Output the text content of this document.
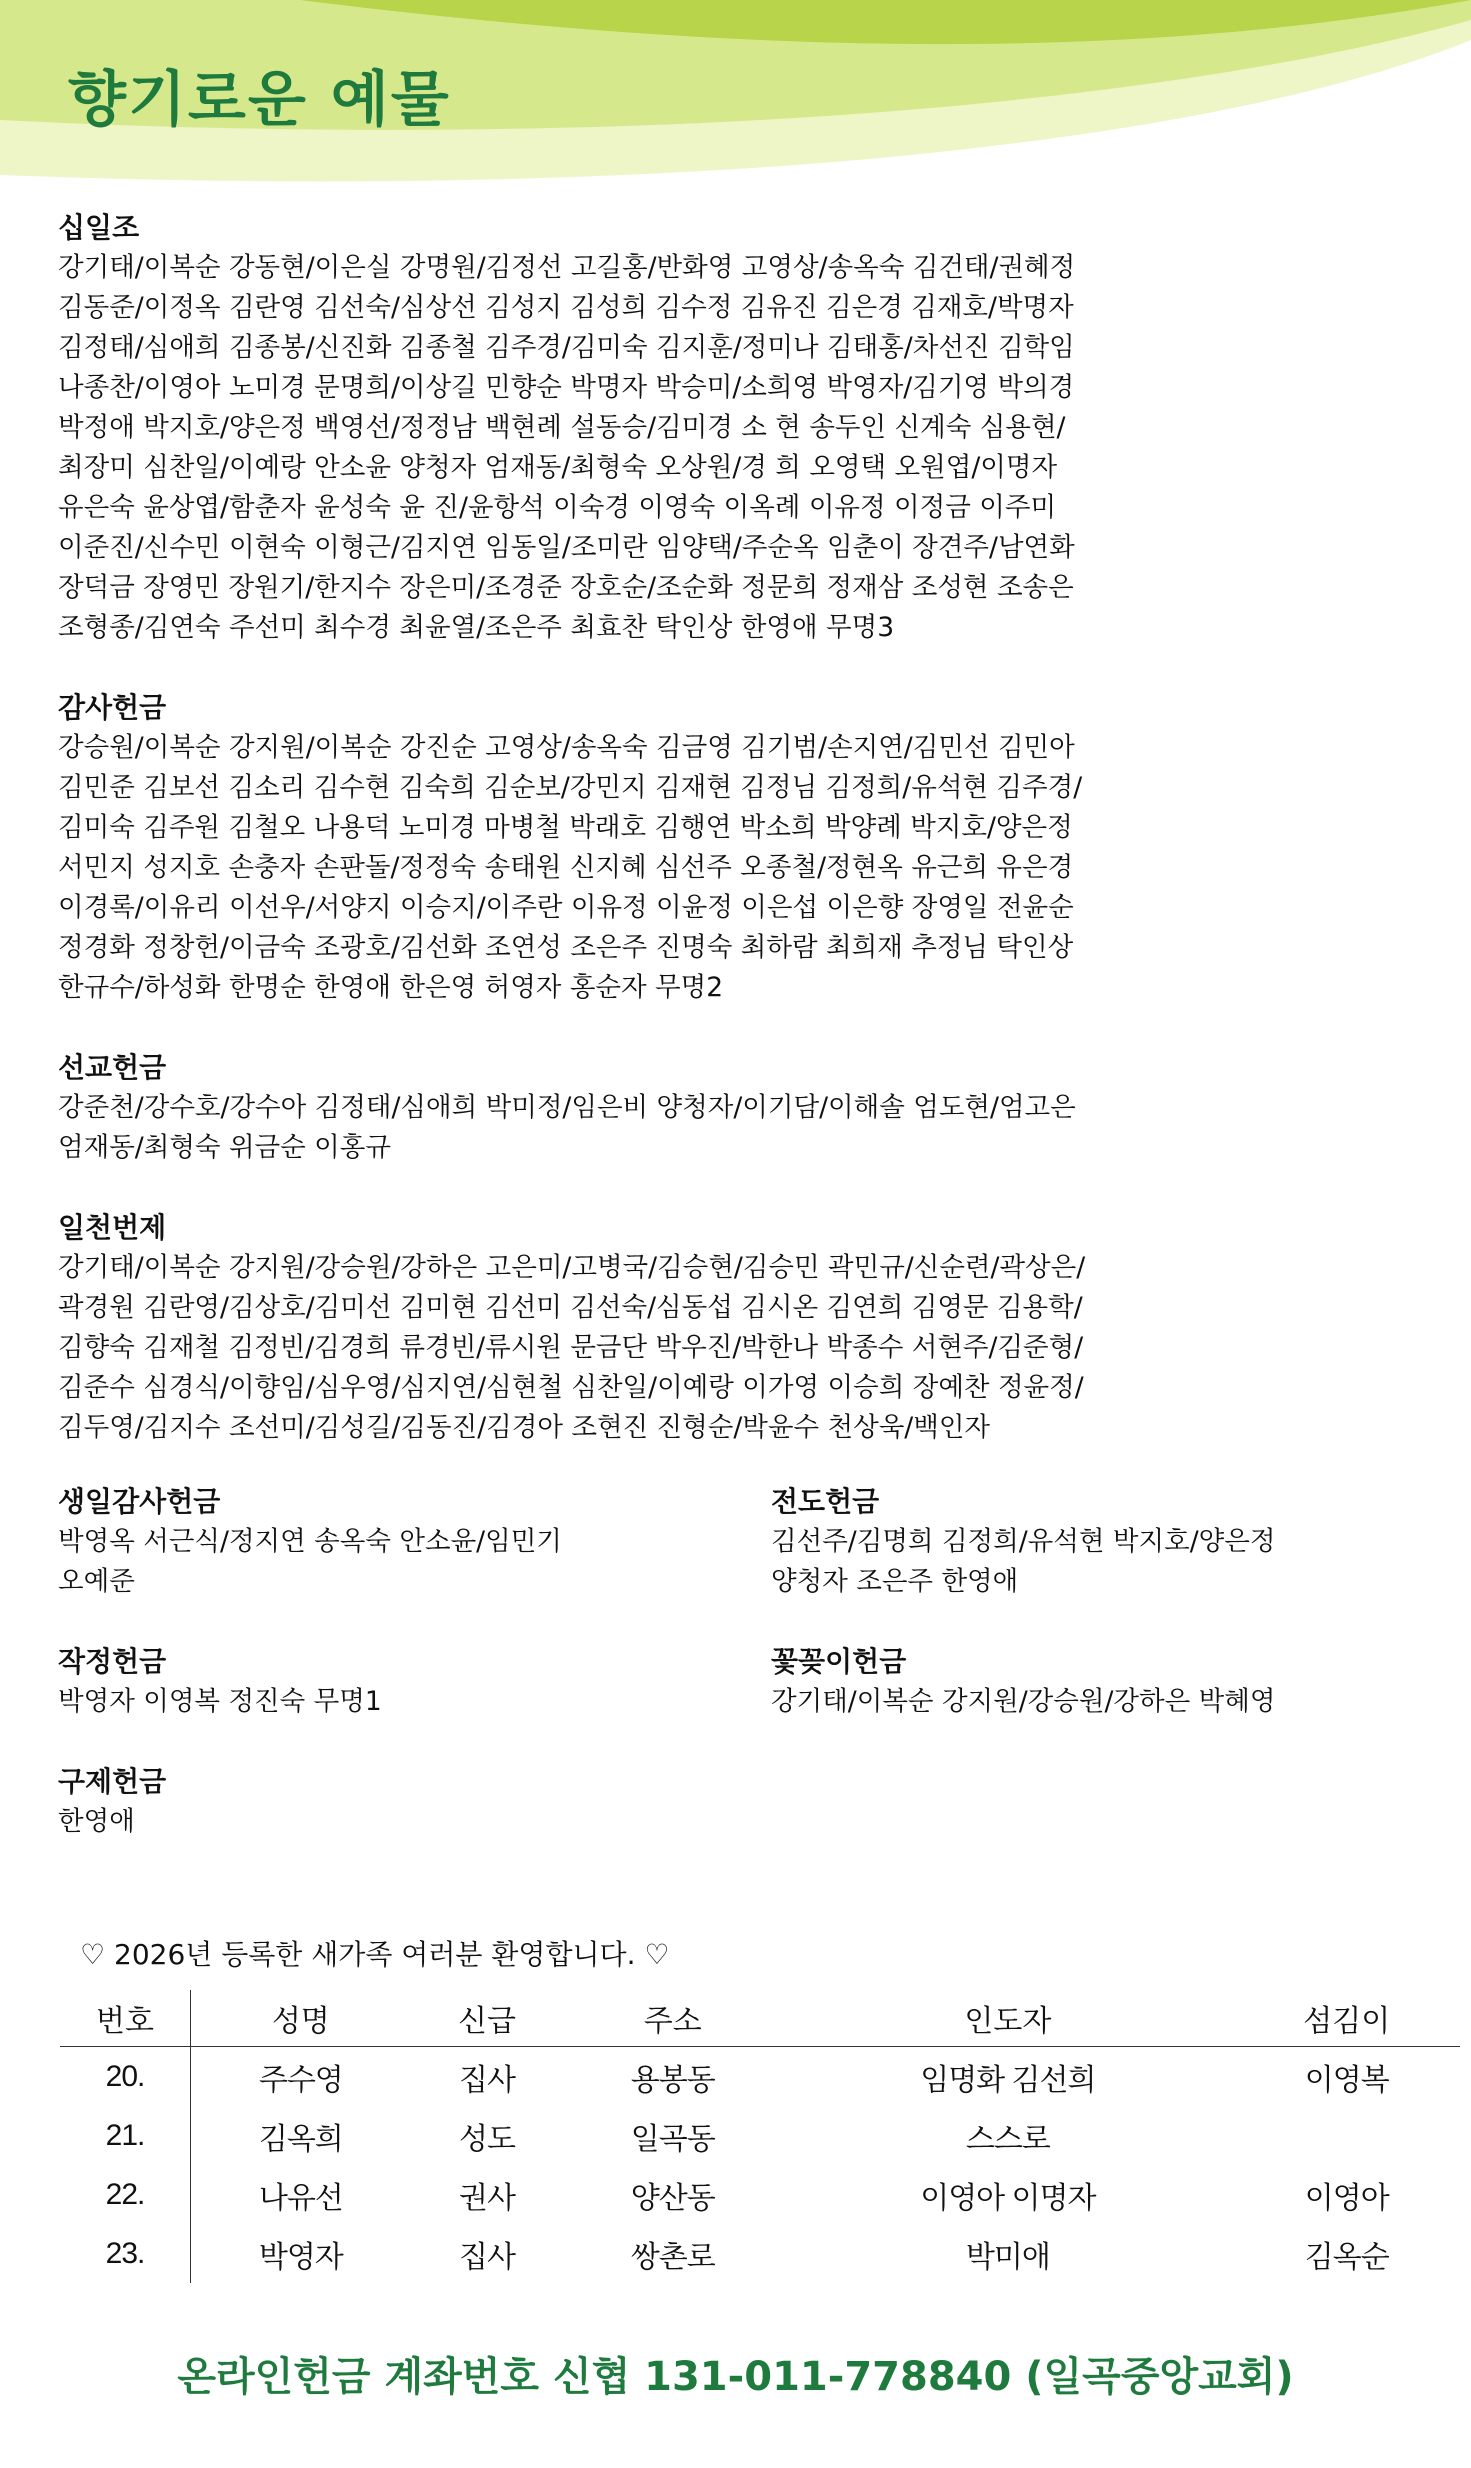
향기로운 예물

십일조

강기태/이복순 강동현/이은실 강명원/김정선 고길홍/반화영 고영상/송옥숙 김건태/권혜정
김동준/이정옥 김란영 김선숙/심상선 김성지 김성희 김수정 김유진 김은경 김재호/박명자
김정태/심애희 김종봉/신진화 김종철 김주경/김미숙 김지훈/정미나 김태홍/차선진 김학임
나종찬/이영아 노미경 문명희/이상길 민향순 박명자 박승미/소희영 박영자/김기영 박의경
박정애 박지호/양은정 백영선/정정남 백현례 설동승/김미경 소 현 송두인 신계숙 심용현/
최장미 심찬일/이예랑 안소윤 양청자 엄재동/최형숙 오상원/경 희 오영택 오원엽/이명자
유은숙 윤상엽/함춘자 윤성숙 윤 진/윤항석 이숙경 이영숙 이옥례 이유정 이정금 이주미
이준진/신수민 이현숙 이형근/김지연 임동일/조미란 임양택/주순옥 임춘이 장견주/남연화
장덕금 장영민 장원기/한지수 장은미/조경준 장호순/조순화 정문희 정재삼 조성현 조송은
조형종/김연숙 주선미 최수경 최윤열/조은주 최효찬 탁인상 한영애 무명3

감사헌금

강승원/이복순 강지원/이복순 강진순 고영상/송옥숙 김금영 김기범/손지연/김민선 김민아
김민준 김보선 김소리 김수현 김숙희 김순보/강민지 김재현 김정님 김정희/유석현 김주경/
김미숙 김주원 김철오 나용덕 노미경 마병철 박래호 김행연 박소희 박양례 박지호/양은정
서민지 성지호 손충자 손판돌/정정숙 송태원 신지혜 심선주 오종철/정현옥 유근희 유은경
이경록/이유리 이선우/서양지 이승지/이주란 이유정 이윤정 이은섭 이은향 장영일 전윤순
정경화 정창헌/이금숙 조광호/김선화 조연성 조은주 진명숙 최하람 최희재 추정님 탁인상
한규수/하성화 한명순 한영애 한은영 허영자 홍순자 무명2

선교헌금

강준천/강수호/강수아 김정태/심애희 박미정/임은비 양청자/이기담/이해솔 엄도현/엄고은
엄재동/최형숙 위금순 이홍규

일천번제

강기태/이복순 강지원/강승원/강하은 고은미/고병국/김승현/김승민 곽민규/신순련/곽상은/
곽경원 김란영/김상호/김미선 김미현 김선미 김선숙/심동섭 김시온 김연희 김영문 김용학/
김향숙 김재철 김정빈/김경희 류경빈/류시원 문금단 박우진/박한나 박종수 서현주/김준형/
김준수 심경식/이향임/심우영/심지연/심현철 심찬일/이예랑 이가영 이승희 장예찬 정윤정/
김두영/김지수 조선미/김성길/김동진/김경아 조현진 진형순/박윤수 천상욱/백인자

생일감사헌금

박영옥 서근식/정지연 송옥숙 안소윤/임민기
오예준

전도헌금

김선주/김명희 김정희/유석현 박지호/양은정
양청자 조은주 한영애

작정헌금

박영자 이영복 정진숙 무명1

꽃꽂이헌금

강기태/이복순 강지원/강승원/강하은 박혜영

구제헌금

한영애

♡ 2026년 등록한 새가족 여러분 환영합니다. ♡

번호	성명	신급	주소	인도자	섬김이
20.	주수영	집사	용봉동	임명화 김선희	이영복
21.	김옥희	성도	일곡동	스스로	
22.	나유선	권사	양산동	이영아 이명자	이영아
23.	박영자	집사	쌍촌로	박미애	김옥순

온라인헌금 계좌번호 신협 131-011-778840 (일곡중앙교회)
